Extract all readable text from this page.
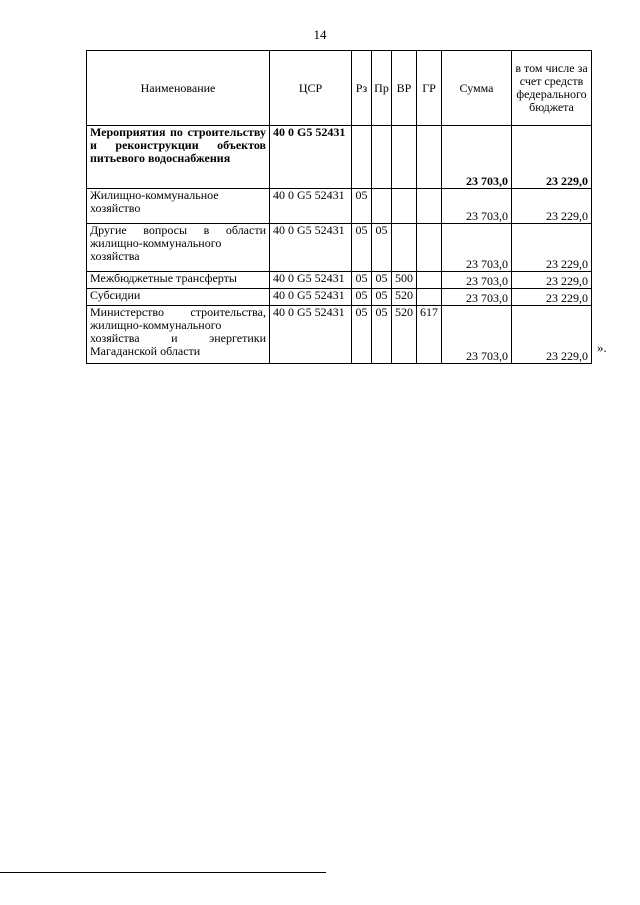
14
Наименование	ЦСР	Рз	Пр	ВР	ГР	Сумма	в том числе за счет средств федерального бюджета
Мероприятия по строительству и реконструкции объектов питьевого водоснабжения	40 0 G5 52431					23 703,0	23 229,0
Жилищно-коммунальное хозяйство	40 0 G5 52431	05				23 703,0	23 229,0
Другие вопросы в области жилищно-коммунального хозяйства	40 0 G5 52431	05	05			23 703,0	23 229,0
Межбюджетные трансферты	40 0 G5 52431	05	05	500		23 703,0	23 229,0
Субсидии	40 0 G5 52431	05	05	520		23 703,0	23 229,0
Министерство строительства, жилищно-коммунального хозяйства и энергетики Магаданской области	40 0 G5 52431	05	05	520	617	23 703,0	23 229,0
».
